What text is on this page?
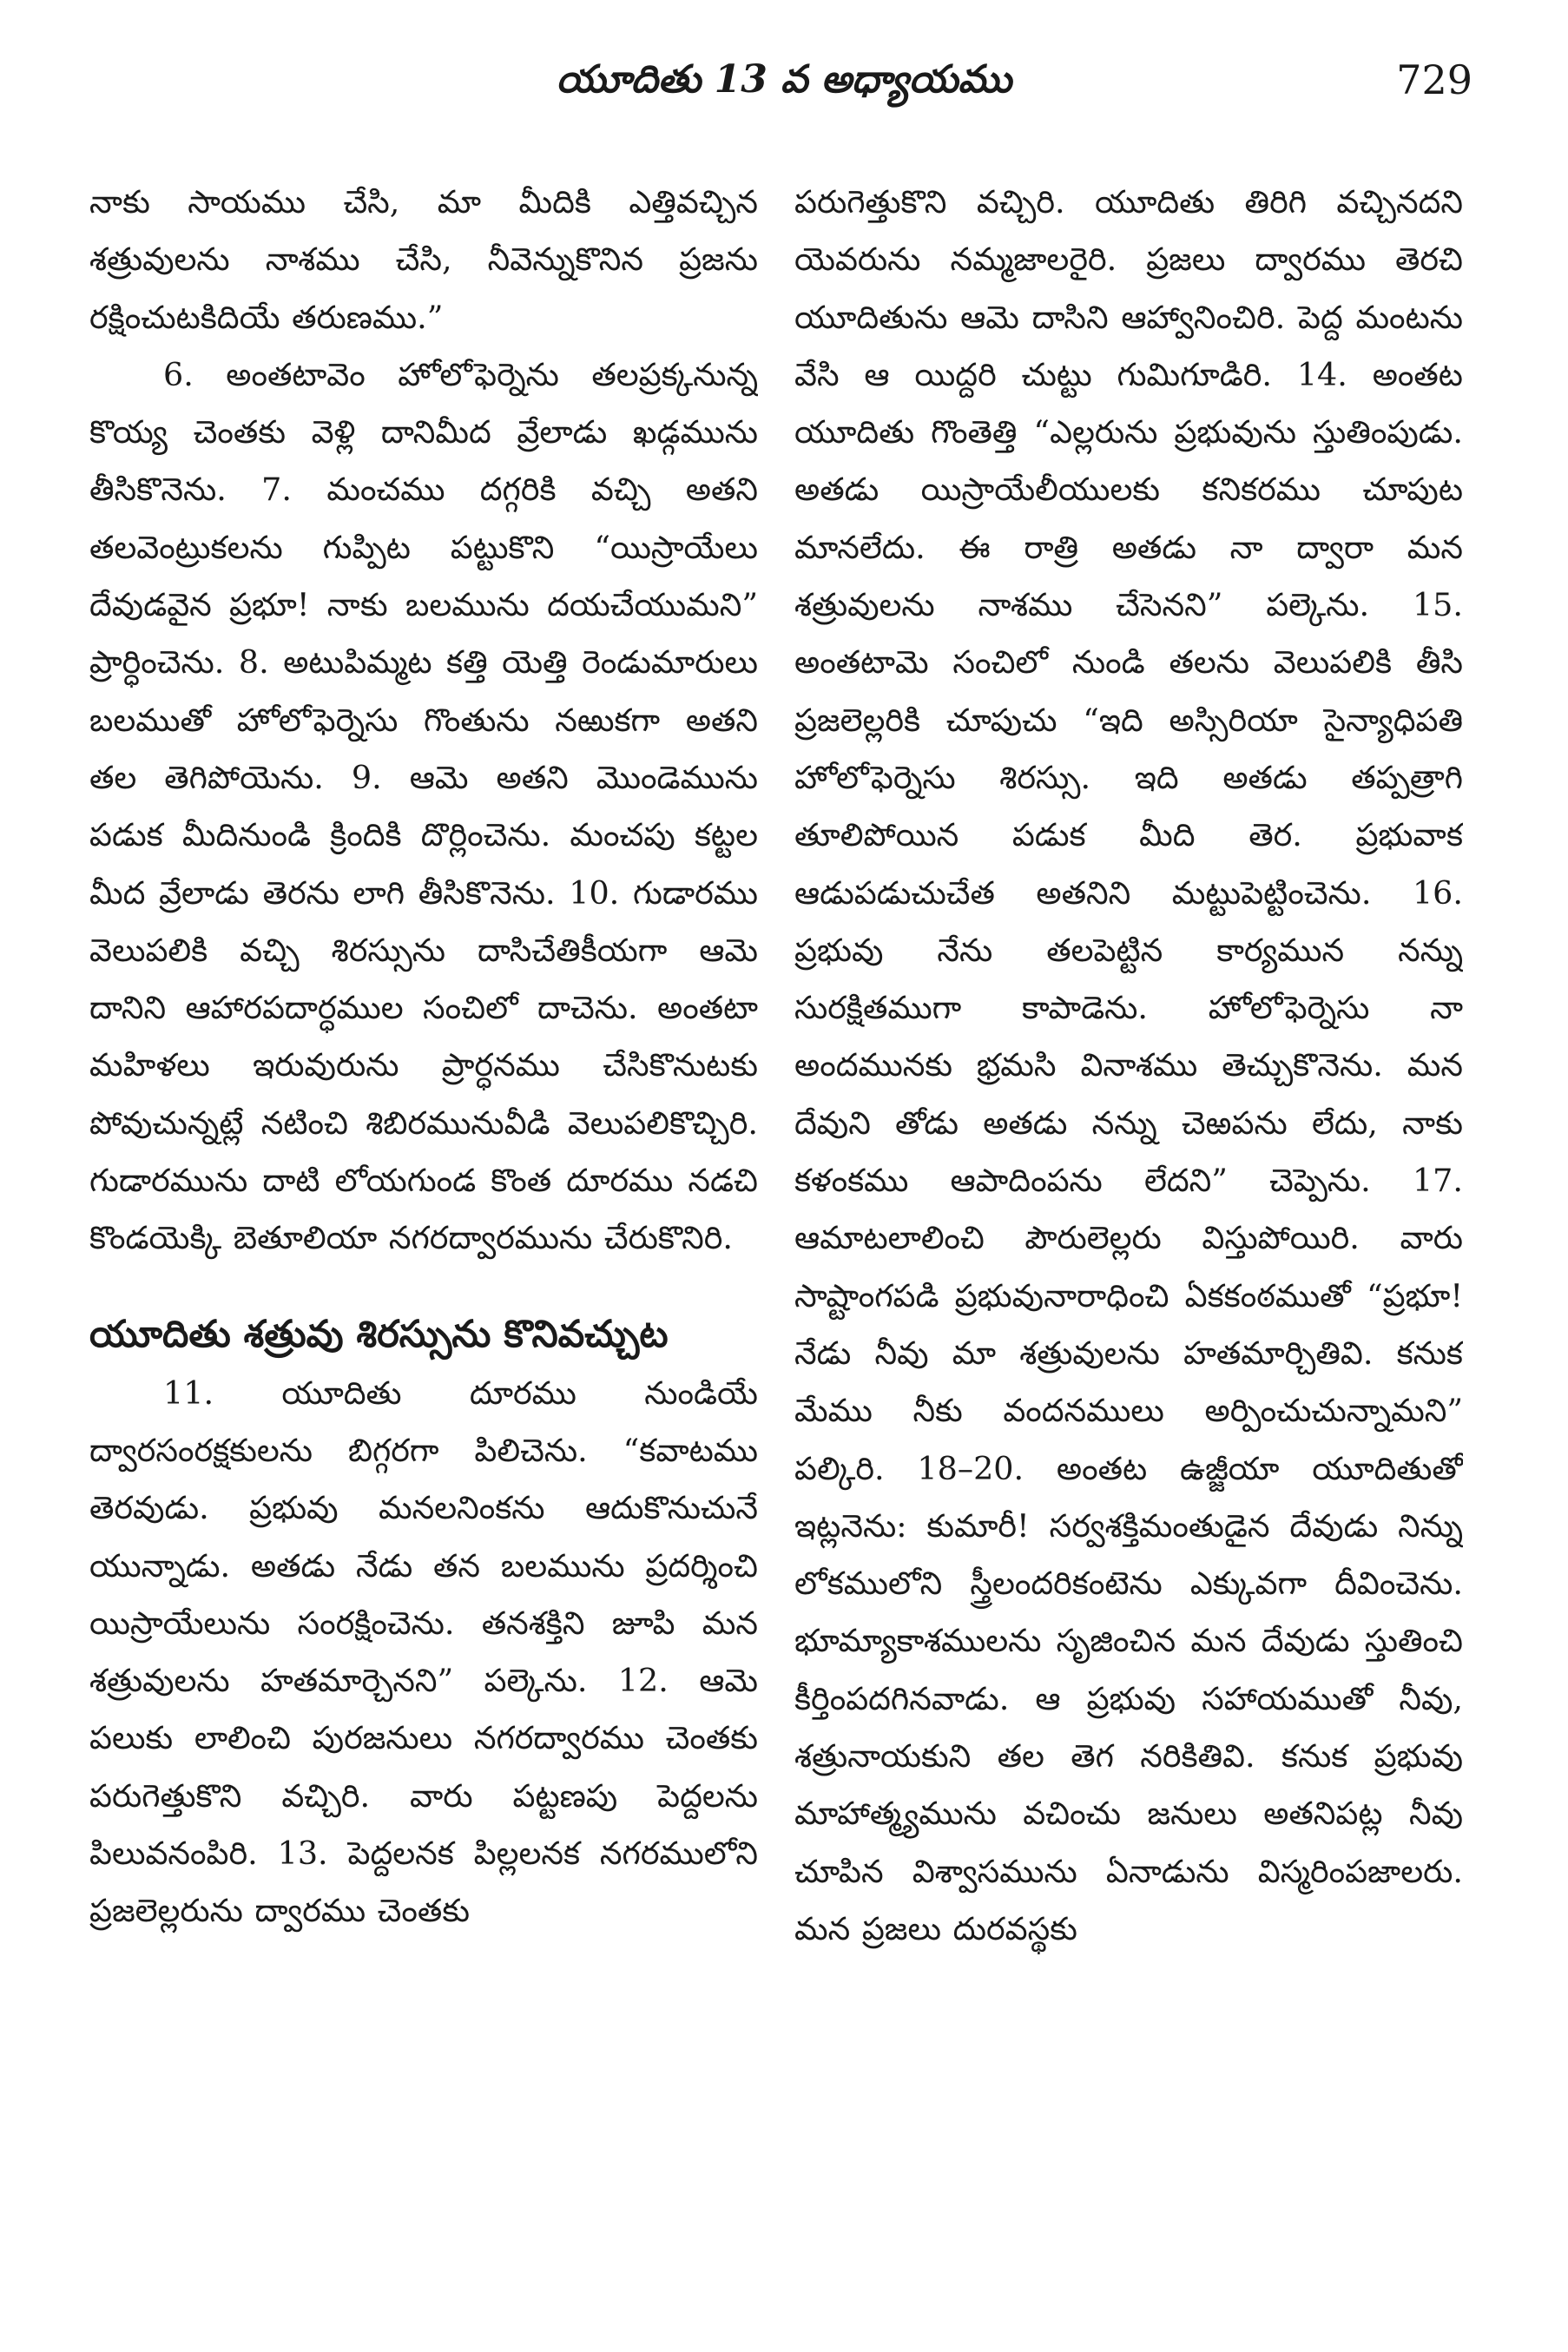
యూదితు 13 వ అధ్యాయము	729

నాకు సాయము చేసి, మా మీదికి ఎత్తివచ్చిన శత్రువులను నాశము చేసి, నీవెన్నుకొనిన ప్రజను రక్షించుటకిదియే తరుణము.”

6. అంతటావెం హోలోఫెర్నెను తలప్రక్కనున్న కొయ్య చెంతకు వెళ్లి దానిమీద వ్రేలాడు ఖడ్గమును తీసికొనెను. 7. మంచము దగ్గరికి వచ్చి అతని తలవెంట్రుకలను గుప్పిట పట్టుకొని “యిస్రాయేలు దేవుడవైన ప్రభూ! నాకు బలమును దయచేయుమని” ప్రార్ధించెను. 8. అటుపిమ్మట కత్తి యెత్తి రెండుమారులు బలముతో హోలోఫెర్నెసు గొంతును నఱుకగా అతని తల తెగిపోయెను. 9. ఆమె అతని మొండెమును పడుక మీదినుండి క్రిందికి దొర్లించెను. మంచపు కట్టల మీద వ్రేలాడు తెరను లాగి తీసికొనెను. 10. గుడారము వెలుపలికి వచ్చి శిరస్సును దాసిచేతికీయగా ఆమె దానిని ఆహారపదార్ధముల సంచిలో దాచెను. అంతటా మహిళలు ఇరువురును ప్రార్ధనము చేసికొనుటకు పోవుచున్నట్లే నటించి శిబిరమునువీడి వెలుపలికొచ్చిరి. గుడారమును దాటి లోయగుండ కొంత దూరము నడచి కొండయెక్కి బెతూలియా నగరద్వారమును చేరుకొనిరి.

యూదితు శత్రువు శిరస్సును కొనివచ్చుట

11. యూదితు దూరము నుండియే ద్వారసంరక్షకులను బిగ్గరగా పిలిచెను. “కవాటము తెరవుడు. ప్రభువు మనలనింకను ఆదుకొనుచునే యున్నాడు. అతడు నేడు తన బలమును ప్రదర్శించి యిస్రాయేలును సంరక్షించెను. తనశక్తిని జూపి మన శత్రువులను హతమార్చెనని” పల్కెను. 12. ఆమె పలుకు లాలించి పురజనులు నగరద్వారము చెంతకు పరుగెత్తుకొని వచ్చిరి. వారు పట్టణపు పెద్దలను పిలువనంపిరి. 13. పెద్దలనక పిల్లలనక నగరములోని ప్రజలెల్లరును ద్వారము చెంతకు

పరుగెత్తుకొని వచ్చిరి. యూదితు తిరిగి వచ్చినదని యెవరును నమ్మజాలరైరి. ప్రజలు ద్వారము తెరచి యూదితును ఆమె దాసిని ఆహ్వానించిరి. పెద్ద మంటను వేసి ఆ యిద్దరి చుట్టు గుమిగూడిరి. 14. అంతట యూదితు గొంతెత్తి “ఎల్లరును ప్రభువును స్తుతింపుడు. అతడు యిస్రాయేలీయులకు కనికరము చూపుట మానలేదు. ఈ రాత్రి అతడు నా ద్వారా మన శత్రువులను నాశము చేసెనని” పల్కెను. 15. అంతటామె సంచిలో నుండి తలను వెలుపలికి తీసి ప్రజలెల్లరికి చూపుచు “ఇది అస్సిరియా సైన్యాధిపతి హోలోఫెర్నెసు శిరస్సు. ఇది అతడు తప్పత్రాగి తూలిపోయిన పడుక మీది తెర. ప్రభువాక ఆడుపడుచుచేత అతనిని మట్టుపెట్టించెను. 16. ప్రభువు నేను తలపెట్టిన కార్యమున నన్ను సురక్షితముగా కాపాడెను. హోలోఫెర్నెసు నా అందమునకు భ్రమసి వినాశము తెచ్చుకొనెను. మన దేవుని తోడు అతడు నన్ను చెఱపను లేదు, నాకు కళంకము ఆపాదింపను లేదని” చెప్పెను. 17. ఆమాటలాలించి పౌరులెల్లరు విస్తుపోయిరి. వారు సాష్టాంగపడి ప్రభువునారాధించి ఏకకంఠముతో “ప్రభూ! నేడు నీవు మా శత్రువులను హతమార్చితివి. కనుక మేము నీకు వందనములు అర్పించుచున్నామని” పల్కిరి. 18–20. అంతట ఉజ్జీయా యూదితుతో ఇట్లనెను: కుమారీ! సర్వశక్తిమంతుడైన దేవుడు నిన్ను లోకములోని స్త్రీలందరికంటెను ఎక్కువగా దీవించెను. భూమ్యాకాశములను సృజించిన మన దేవుడు స్తుతించి కీర్తింపదగినవాడు. ఆ ప్రభువు సహాయముతో నీవు, శత్రునాయకుని తల తెగ నరికితివి. కనుక ప్రభువు మాహాత్మ్యమును వచించు జనులు అతనిపట్ల నీవు చూపిన విశ్వాసమును ఏనాడును విస్మరింపజాలరు. మన ప్రజలు దురవస్థకు
